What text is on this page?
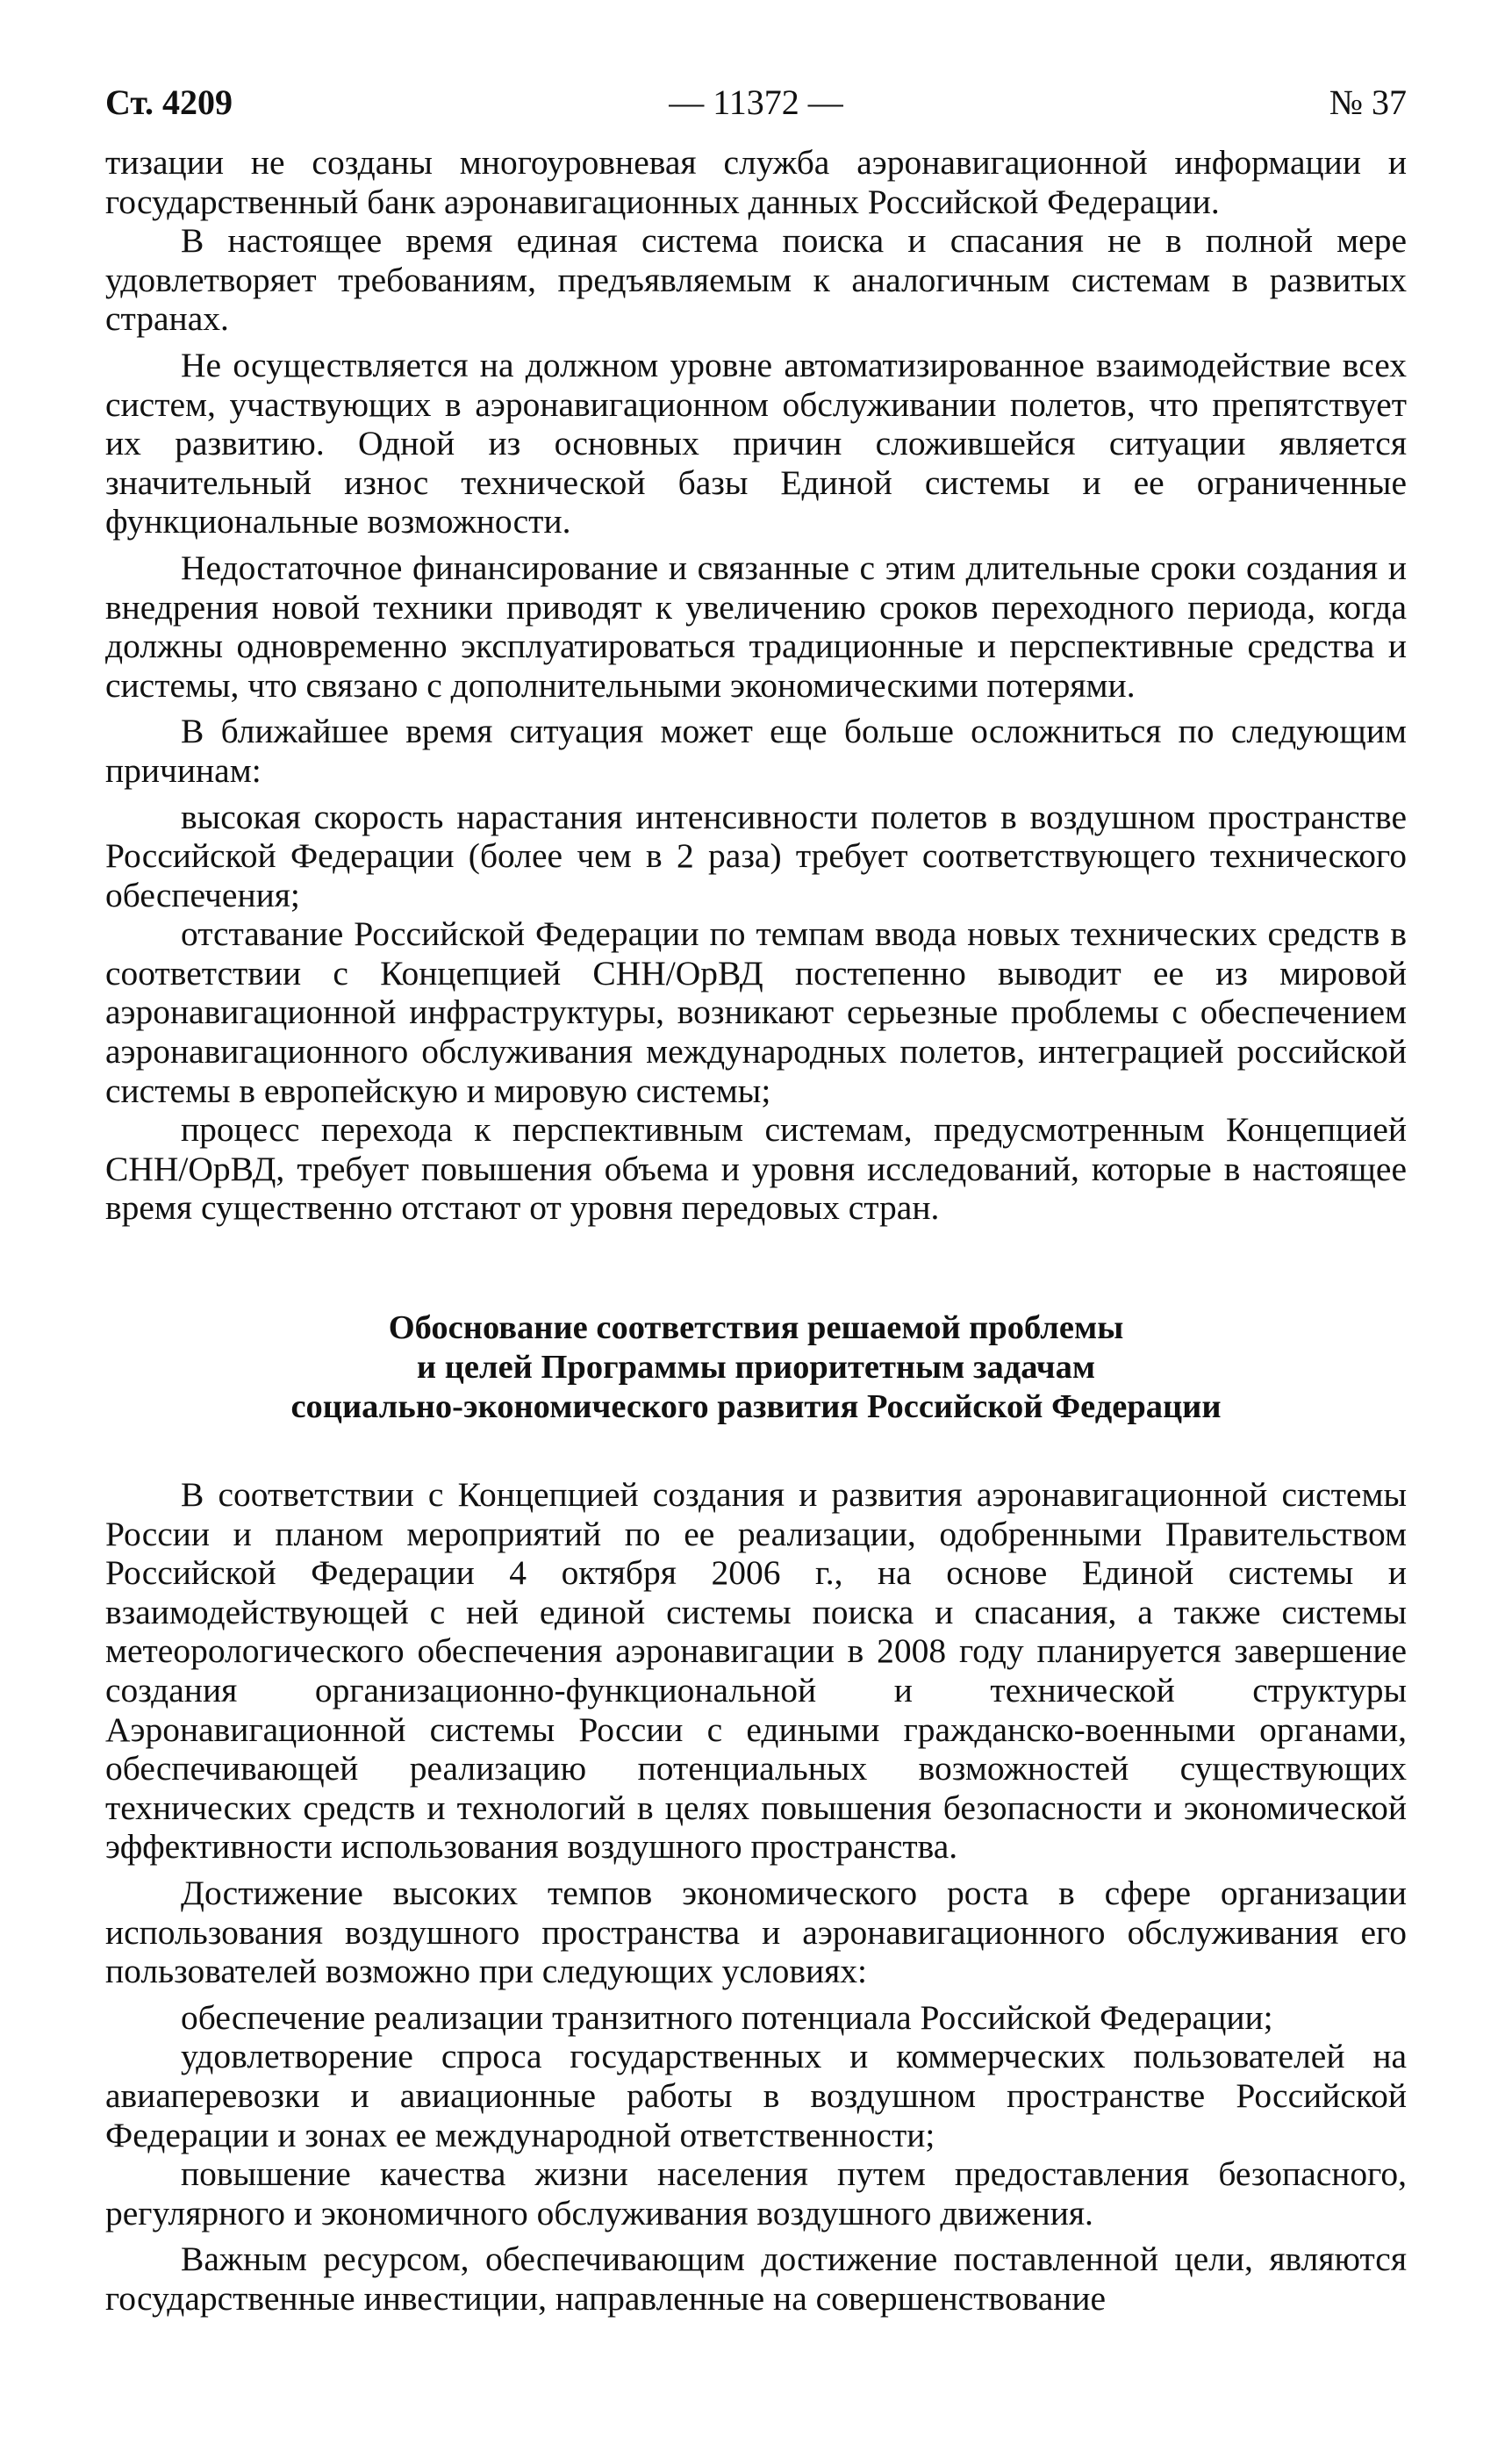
Ст. 4209	— 11372 —	№ 37

тизации не созданы многоуровневая служба аэронавигационной информации и государственный банк аэронавигационных данных Российской Федерации.

В настоящее время единая система поиска и спасания не в полной мере удовлетворяет требованиям, предъявляемым к аналогичным системам в развитых странах.

Не осуществляется на должном уровне автоматизированное взаимодействие всех систем, участвующих в аэронавигационном обслуживании полетов, что препятствует их развитию. Одной из основных причин сложившейся ситуации является значительный износ технической базы Единой системы и ее ограниченные функциональные возможности.

Недостаточное финансирование и связанные с этим длительные сроки создания и внедрения новой техники приводят к увеличению сроков переходного периода, когда должны одновременно эксплуатироваться традиционные и перспективные средства и системы, что связано с дополнительными экономическими потерями.

В ближайшее время ситуация может еще больше осложниться по следующим причинам:

высокая скорость нарастания интенсивности полетов в воздушном пространстве Российской Федерации (более чем в 2 раза) требует соответствующего технического обеспечения;

отставание Российской Федерации по темпам ввода новых технических средств в соответствии с Концепцией СНН/ОрВД постепенно выводит ее из мировой аэронавигационной инфраструктуры, возникают серьезные проблемы с обеспечением аэронавигационного обслуживания международных полетов, интеграцией российской системы в европейскую и мировую системы;

процесс перехода к перспективным системам, предусмотренным Концепцией СНН/ОрВД, требует повышения объема и уровня исследований, которые в настоящее время существенно отстают от уровня передовых стран.

Обоснование соответствия решаемой проблемы
и целей Программы приоритетным задачам
социально-экономического развития Российской Федерации

В соответствии с Концепцией создания и развития аэронавигационной системы России и планом мероприятий по ее реализации, одобренными Правительством Российской Федерации 4 октября 2006 г., на основе Единой системы и взаимодействующей с ней единой системы поиска и спасания, а также системы метеорологического обеспечения аэронавигации в 2008 году планируется завершение создания организационно-функциональной и технической структуры Аэронавигационной системы России с едиными гражданско-военными органами, обеспечивающей реализацию потенциальных возможностей существующих технических средств и технологий в целях повышения безопасности и экономической эффективности использования воздушного пространства.

Достижение высоких темпов экономического роста в сфере организации использования воздушного пространства и аэронавигационного обслуживания его пользователей возможно при следующих условиях:

обеспечение реализации транзитного потенциала Российской Федерации;

удовлетворение спроса государственных и коммерческих пользователей на авиаперевозки и авиационные работы в воздушном пространстве Российской Федерации и зонах ее международной ответственности;

повышение качества жизни населения путем предоставления безопасного, регулярного и экономичного обслуживания воздушного движения.

Важным ресурсом, обеспечивающим достижение поставленной цели, являются государственные инвестиции, направленные на совершенствование
